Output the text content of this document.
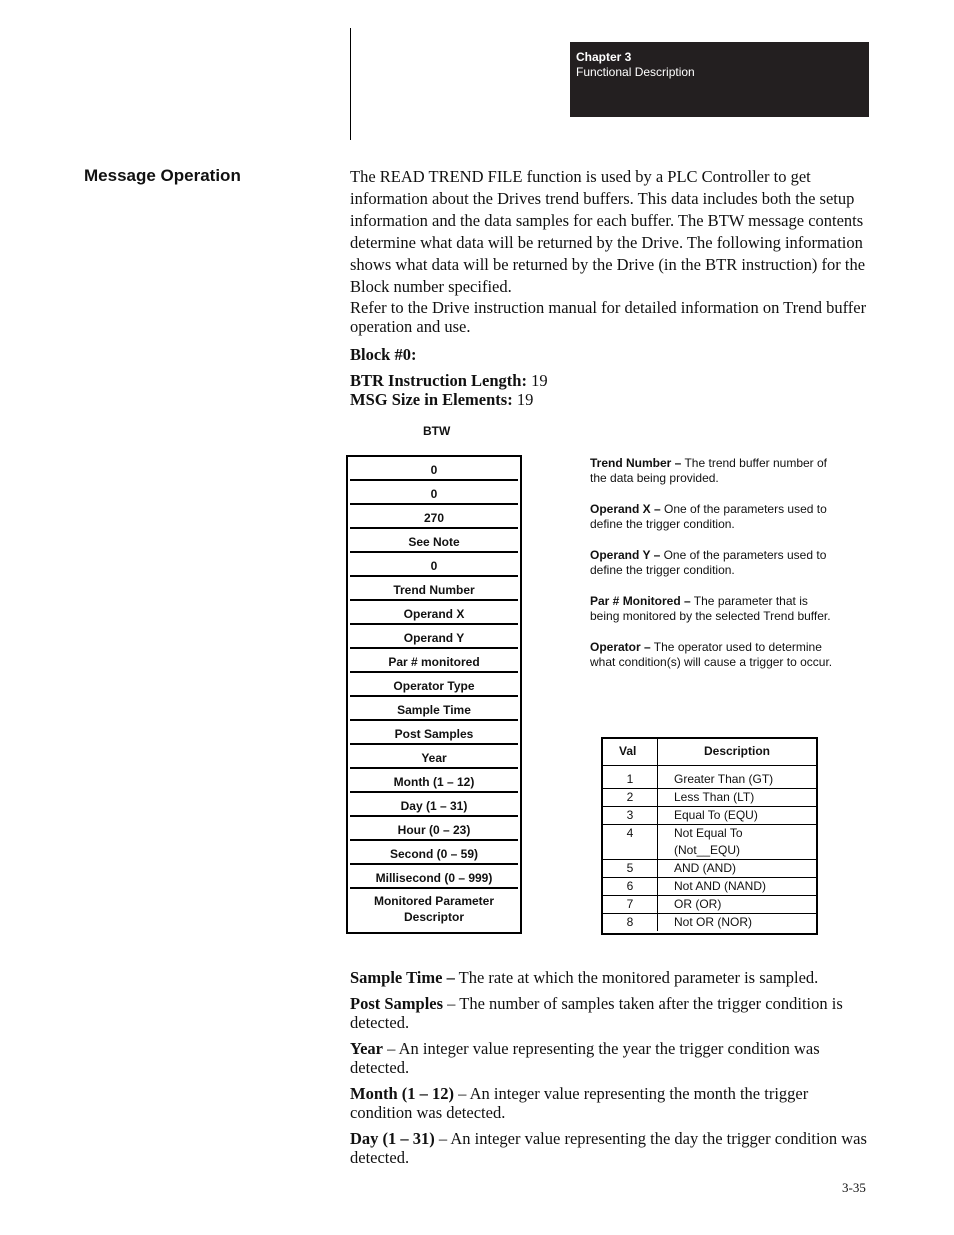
Chapter 3
Functional Description
Message Operation	The READ TREND FILE function is used by a PLC Controller to get information about the Drives trend buffers. This data includes both the setup information and the data samples for each buffer. The BTW message contents determine what data will be returned by the Drive. The following information shows what data will be returned by the Drive (in the BTR instruction) for the Block number specified.

Refer to the Drive instruction manual for detailed information on Trend buffer operation and use.

Block #0:
BTR Instruction Length: 19
MSG Size in Elements: 19
BTW
0
0
270
See Note
0
Trend Number
Operand X
Operand Y
Par # monitored
Operator Type
Sample Time
Post Samples
Year
Month (1 – 12)
Day (1 – 31)
Hour (0 – 23)
Second (0 – 59)
Millisecond (0 – 999)
Monitored Parameter
Descriptor

Trend Number – The trend buffer number of the data being provided.

Operand X – One of the parameters used to define the trigger condition.

Operand Y – One of the parameters used to define the trigger condition.

Par # Monitored – The parameter that is being monitored by the selected Trend buffer.

Operator – The operator used to determine what condition(s) will cause a trigger to occur.

Val	Description
1	Greater Than (GT)
2	Less Than (LT)
3	Equal To (EQU)
4	Not Equal To
(Not__EQU)
5	AND (AND)
6	Not AND (NAND)
7	OR (OR)
8	Not OR (NOR)

Sample Time – The rate at which the monitored parameter is sampled.

Post Samples – The number of samples taken after the trigger condition is detected.

Year – An integer value representing the year the trigger condition was detected.

Month (1 – 12) – An integer value representing the month the trigger condition was detected.

Day (1 – 31) – An integer value representing the day the trigger condition was detected.

3-35
